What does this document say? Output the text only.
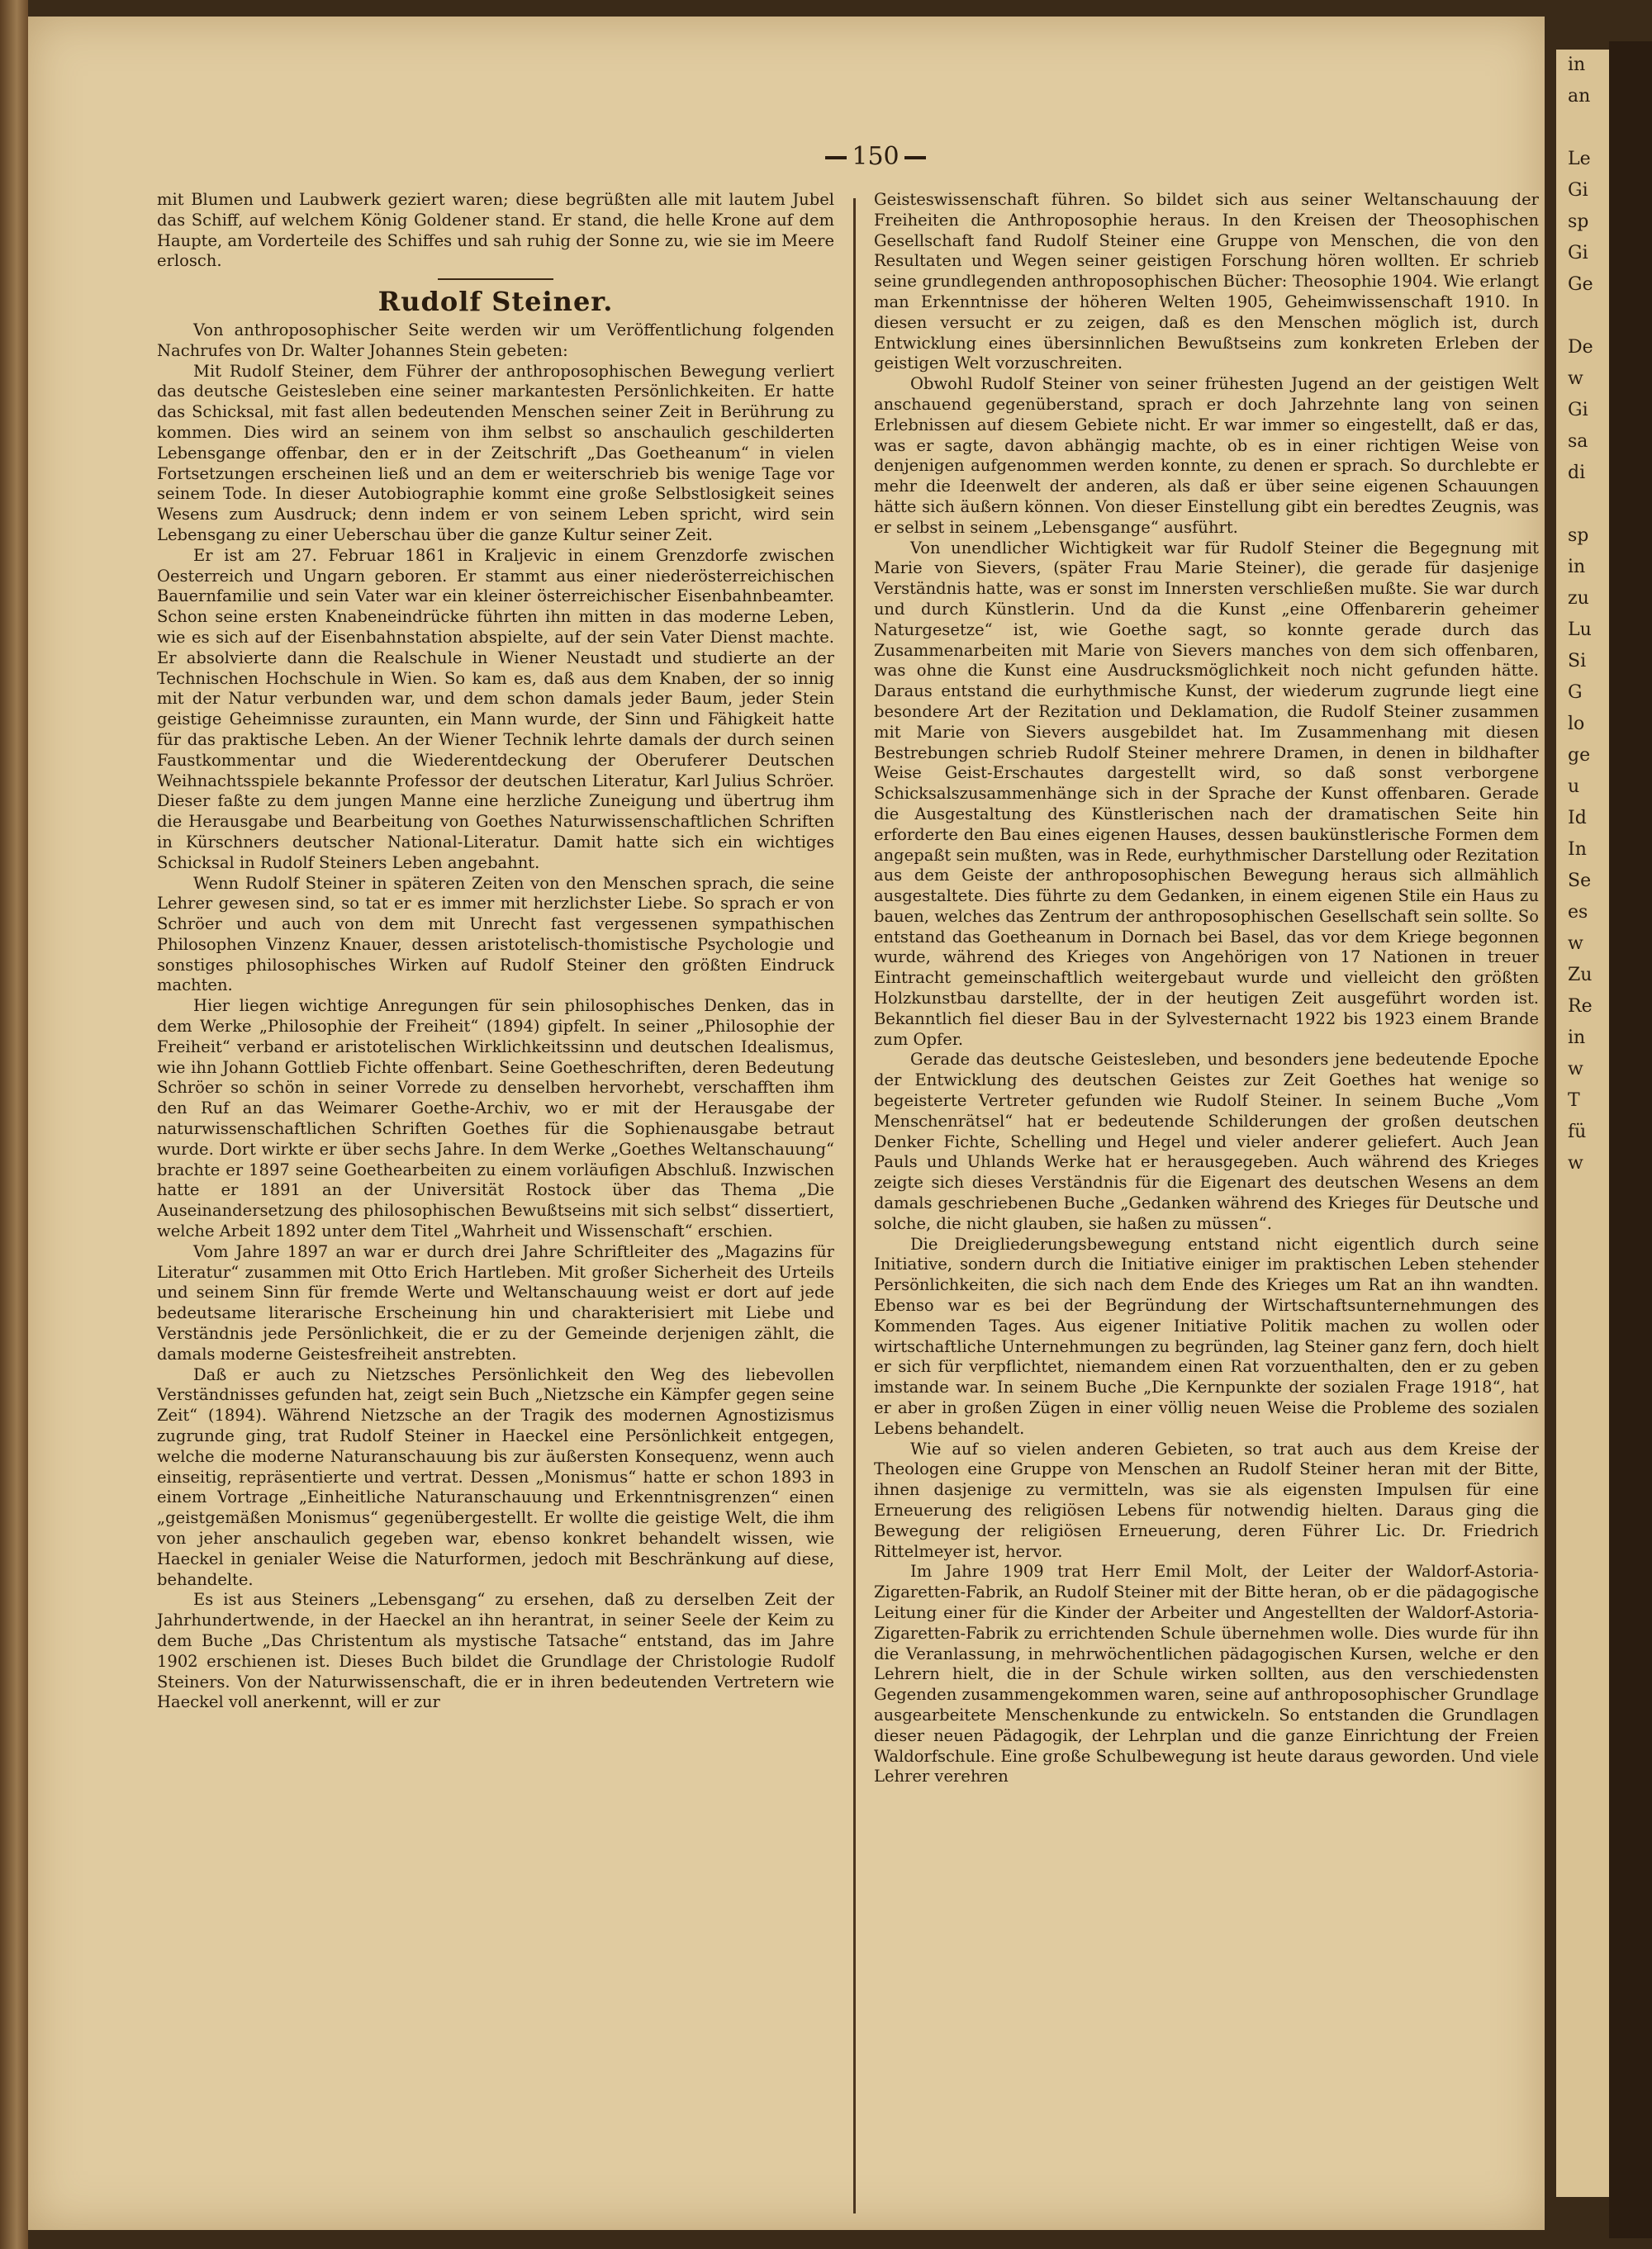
in
an

Le
Gi
sp
Gi
Ge

De
w
Gi
sa
di

sp
in
zu
Lu
Si
G
lo
ge
u
Id
In
Se
es
w
Zu
Re
in
w
T
fü
w
150

mit Blumen und Laubwerk geziert waren; diese begrüßten alle mit lautem Jubel das Schiff, auf welchem König Goldener stand. Er stand, die helle Krone auf dem Haupte, am Vorderteile des Schiffes und sah ruhig der Sonne zu, wie sie im Meere erlosch.

Rudolf Steiner.

Von anthroposophischer Seite werden wir um Veröffentlichung folgenden Nachrufes von Dr. Walter Johannes Stein gebeten:

Mit Rudolf Steiner, dem Führer der anthroposophischen Bewegung verliert das deutsche Geistesleben eine seiner markantesten Persönlichkeiten. Er hatte das Schicksal, mit fast allen bedeutenden Menschen seiner Zeit in Berührung zu kommen. Dies wird an seinem von ihm selbst so anschaulich geschilderten Lebensgange offenbar, den er in der Zeitschrift „Das Goetheanum“ in vielen Fortsetzungen erscheinen ließ und an dem er weiterschrieb bis wenige Tage vor seinem Tode. In dieser Autobiographie kommt eine große Selbstlosigkeit seines Wesens zum Ausdruck; denn indem er von seinem Leben spricht, wird sein Lebensgang zu einer Ueberschau über die ganze Kultur seiner Zeit.

Er ist am 27. Februar 1861 in Kraljevic in einem Grenzdorfe zwischen Oesterreich und Ungarn geboren. Er stammt aus einer niederösterreichischen Bauernfamilie und sein Vater war ein kleiner österreichischer Eisenbahnbeamter. Schon seine ersten Knabeneindrücke führten ihn mitten in das moderne Leben, wie es sich auf der Eisenbahnstation abspielte, auf der sein Vater Dienst machte. Er absolvierte dann die Realschule in Wiener Neustadt und studierte an der Technischen Hochschule in Wien. So kam es, daß aus dem Knaben, der so innig mit der Natur verbunden war, und dem schon damals jeder Baum, jeder Stein geistige Geheimnisse zuraunten, ein Mann wurde, der Sinn und Fähigkeit hatte für das praktische Leben. An der Wiener Technik lehrte damals der durch seinen Faustkommentar und die Wiederentdeckung der Oberuferer Deutschen Weihnachtsspiele bekannte Professor der deutschen Literatur, Karl Julius Schröer. Dieser faßte zu dem jungen Manne eine herzliche Zuneigung und übertrug ihm die Herausgabe und Bearbeitung von Goethes Naturwissenschaftlichen Schriften in Kürschners deutscher National-Literatur. Damit hatte sich ein wichtiges Schicksal in Rudolf Steiners Leben angebahnt.

Wenn Rudolf Steiner in späteren Zeiten von den Menschen sprach, die seine Lehrer gewesen sind, so tat er es immer mit herzlichster Liebe. So sprach er von Schröer und auch von dem mit Unrecht fast vergessenen sympathischen Philosophen Vinzenz Knauer, dessen aristotelisch-thomistische Psychologie und sonstiges philosophisches Wirken auf Rudolf Steiner den größten Eindruck machten.

Hier liegen wichtige Anregungen für sein philosophisches Denken, das in dem Werke „Philosophie der Freiheit“ (1894) gipfelt. In seiner „Philosophie der Freiheit“ verband er aristotelischen Wirklichkeitssinn und deutschen Idealismus, wie ihn Johann Gottlieb Fichte offenbart. Seine Goetheschriften, deren Bedeutung Schröer so schön in seiner Vorrede zu denselben hervorhebt, verschafften ihm den Ruf an das Weimarer Goethe-Archiv, wo er mit der Herausgabe der naturwissenschaftlichen Schriften Goethes für die Sophienausgabe betraut wurde. Dort wirkte er über sechs Jahre. In dem Werke „Goethes Weltanschauung“ brachte er 1897 seine Goethearbeiten zu einem vorläufigen Abschluß. Inzwischen hatte er 1891 an der Universität Rostock über das Thema „Die Auseinandersetzung des philosophischen Bewußtseins mit sich selbst“ dissertiert, welche Arbeit 1892 unter dem Titel „Wahrheit und Wissenschaft“ erschien.

Vom Jahre 1897 an war er durch drei Jahre Schriftleiter des „Magazins für Literatur“ zusammen mit Otto Erich Hartleben. Mit großer Sicherheit des Urteils und seinem Sinn für fremde Werte und Weltanschauung weist er dort auf jede bedeutsame literarische Erscheinung hin und charakterisiert mit Liebe und Verständnis jede Persönlichkeit, die er zu der Gemeinde derjenigen zählt, die damals moderne Geistesfreiheit anstrebten.

Daß er auch zu Nietzsches Persönlichkeit den Weg des liebevollen Verständnisses gefunden hat, zeigt sein Buch „Nietzsche ein Kämpfer gegen seine Zeit“ (1894). Während Nietzsche an der Tragik des modernen Agnostizismus zugrunde ging, trat Rudolf Steiner in Haeckel eine Persönlichkeit entgegen, welche die moderne Naturanschauung bis zur äußersten Konsequenz, wenn auch einseitig, repräsentierte und vertrat. Dessen „Monismus“ hatte er schon 1893 in einem Vortrage „Einheitliche Naturanschauung und Erkenntnisgrenzen“ einen „geistgemäßen Monismus“ gegenübergestellt. Er wollte die geistige Welt, die ihm von jeher anschaulich gegeben war, ebenso konkret behandelt wissen, wie Haeckel in genialer Weise die Naturformen, jedoch mit Beschränkung auf diese, behandelte.

Es ist aus Steiners „Lebensgang“ zu ersehen, daß zu derselben Zeit der Jahrhundertwende, in der Haeckel an ihn herantrat, in seiner Seele der Keim zu dem Buche „Das Christentum als mystische Tatsache“ entstand, das im Jahre 1902 erschienen ist. Dieses Buch bildet die Grundlage der Christologie Rudolf Steiners. Von der Naturwissenschaft, die er in ihren bedeutenden Vertretern wie Haeckel voll anerkennt, will er zur

Geisteswissenschaft führen. So bildet sich aus seiner Weltanschauung der Freiheiten die Anthroposophie heraus. In den Kreisen der Theosophischen Gesellschaft fand Rudolf Steiner eine Gruppe von Menschen, die von den Resultaten und Wegen seiner geistigen Forschung hören wollten. Er schrieb seine grundlegenden anthroposophischen Bücher: Theosophie 1904. Wie erlangt man Erkenntnisse der höheren Welten 1905, Geheimwissenschaft 1910. In diesen versucht er zu zeigen, daß es den Menschen möglich ist, durch Entwicklung eines übersinnlichen Bewußtseins zum konkreten Erleben der geistigen Welt vorzuschreiten.

Obwohl Rudolf Steiner von seiner frühesten Jugend an der geistigen Welt anschauend gegenüberstand, sprach er doch Jahrzehnte lang von seinen Erlebnissen auf diesem Gebiete nicht. Er war immer so eingestellt, daß er das, was er sagte, davon abhängig machte, ob es in einer richtigen Weise von denjenigen aufgenommen werden konnte, zu denen er sprach. So durchlebte er mehr die Ideenwelt der anderen, als daß er über seine eigenen Schauungen hätte sich äußern können. Von dieser Einstellung gibt ein beredtes Zeugnis, was er selbst in seinem „Lebensgange“ ausführt.

Von unendlicher Wichtigkeit war für Rudolf Steiner die Begegnung mit Marie von Sievers, (später Frau Marie Steiner), die gerade für dasjenige Verständnis hatte, was er sonst im Innersten verschließen mußte. Sie war durch und durch Künstlerin. Und da die Kunst „eine Offenbarerin geheimer Naturgesetze“ ist, wie Goethe sagt, so konnte gerade durch das Zusammenarbeiten mit Marie von Sievers manches von dem sich offenbaren, was ohne die Kunst eine Ausdrucksmöglichkeit noch nicht gefunden hätte. Daraus entstand die eurhythmische Kunst, der wiederum zugrunde liegt eine besondere Art der Rezitation und Deklamation, die Rudolf Steiner zusammen mit Marie von Sievers ausgebildet hat. Im Zusammenhang mit diesen Bestrebungen schrieb Rudolf Steiner mehrere Dramen, in denen in bildhafter Weise Geist-Erschautes dargestellt wird, so daß sonst verborgene Schicksalszusammenhänge sich in der Sprache der Kunst offenbaren. Gerade die Ausgestaltung des Künstlerischen nach der dramatischen Seite hin erforderte den Bau eines eigenen Hauses, dessen baukünstlerische Formen dem angepaßt sein mußten, was in Rede, eurhythmischer Darstellung oder Rezitation aus dem Geiste der anthroposophischen Bewegung heraus sich allmählich ausgestaltete. Dies führte zu dem Gedanken, in einem eigenen Stile ein Haus zu bauen, welches das Zentrum der anthroposophischen Gesellschaft sein sollte. So entstand das Goetheanum in Dornach bei Basel, das vor dem Kriege begonnen wurde, während des Krieges von Angehörigen von 17 Nationen in treuer Eintracht gemeinschaftlich weitergebaut wurde und vielleicht den größten Holzkunstbau darstellte, der in der heutigen Zeit ausgeführt worden ist. Bekanntlich fiel dieser Bau in der Sylvesternacht 1922 bis 1923 einem Brande zum Opfer.

Gerade das deutsche Geistesleben, und besonders jene bedeutende Epoche der Entwicklung des deutschen Geistes zur Zeit Goethes hat wenige so begeisterte Vertreter gefunden wie Rudolf Steiner. In seinem Buche „Vom Menschenrätsel“ hat er bedeutende Schilderungen der großen deutschen Denker Fichte, Schelling und Hegel und vieler anderer geliefert. Auch Jean Pauls und Uhlands Werke hat er herausgegeben. Auch während des Krieges zeigte sich dieses Verständnis für die Eigenart des deutschen Wesens an dem damals geschriebenen Buche „Gedanken während des Krieges für Deutsche und solche, die nicht glauben, sie haßen zu müssen“.

Die Dreigliederungsbewegung entstand nicht eigentlich durch seine Initiative, sondern durch die Initiative einiger im praktischen Leben stehender Persönlichkeiten, die sich nach dem Ende des Krieges um Rat an ihn wandten. Ebenso war es bei der Begründung der Wirtschaftsunternehmungen des Kommenden Tages. Aus eigener Initiative Politik machen zu wollen oder wirtschaftliche Unternehmungen zu begründen, lag Steiner ganz fern, doch hielt er sich für verpflichtet, niemandem einen Rat vorzuenthalten, den er zu geben imstande war. In seinem Buche „Die Kernpunkte der sozialen Frage 1918“, hat er aber in großen Zügen in einer völlig neuen Weise die Probleme des sozialen Lebens behandelt.

Wie auf so vielen anderen Gebieten, so trat auch aus dem Kreise der Theologen eine Gruppe von Menschen an Rudolf Steiner heran mit der Bitte, ihnen dasjenige zu vermitteln, was sie als eigensten Impulsen für eine Erneuerung des religiösen Lebens für notwendig hielten. Daraus ging die Bewegung der religiösen Erneuerung, deren Führer Lic. Dr. Friedrich Rittelmeyer ist, hervor.

Im Jahre 1909 trat Herr Emil Molt, der Leiter der Waldorf-Astoria-Zigaretten-Fabrik, an Rudolf Steiner mit der Bitte heran, ob er die pädagogische Leitung einer für die Kinder der Arbeiter und Angestellten der Waldorf-Astoria-Zigaretten-Fabrik zu errichtenden Schule übernehmen wolle. Dies wurde für ihn die Veranlassung, in mehrwöchentlichen pädagogischen Kursen, welche er den Lehrern hielt, die in der Schule wirken sollten, aus den verschiedensten Gegenden zusammengekommen waren, seine auf anthroposophischer Grundlage ausgearbeitete Menschenkunde zu entwickeln. So entstanden die Grundlagen dieser neuen Pädagogik, der Lehrplan und die ganze Einrichtung der Freien Waldorfschule. Eine große Schulbewegung ist heute daraus geworden. Und viele Lehrer verehren
